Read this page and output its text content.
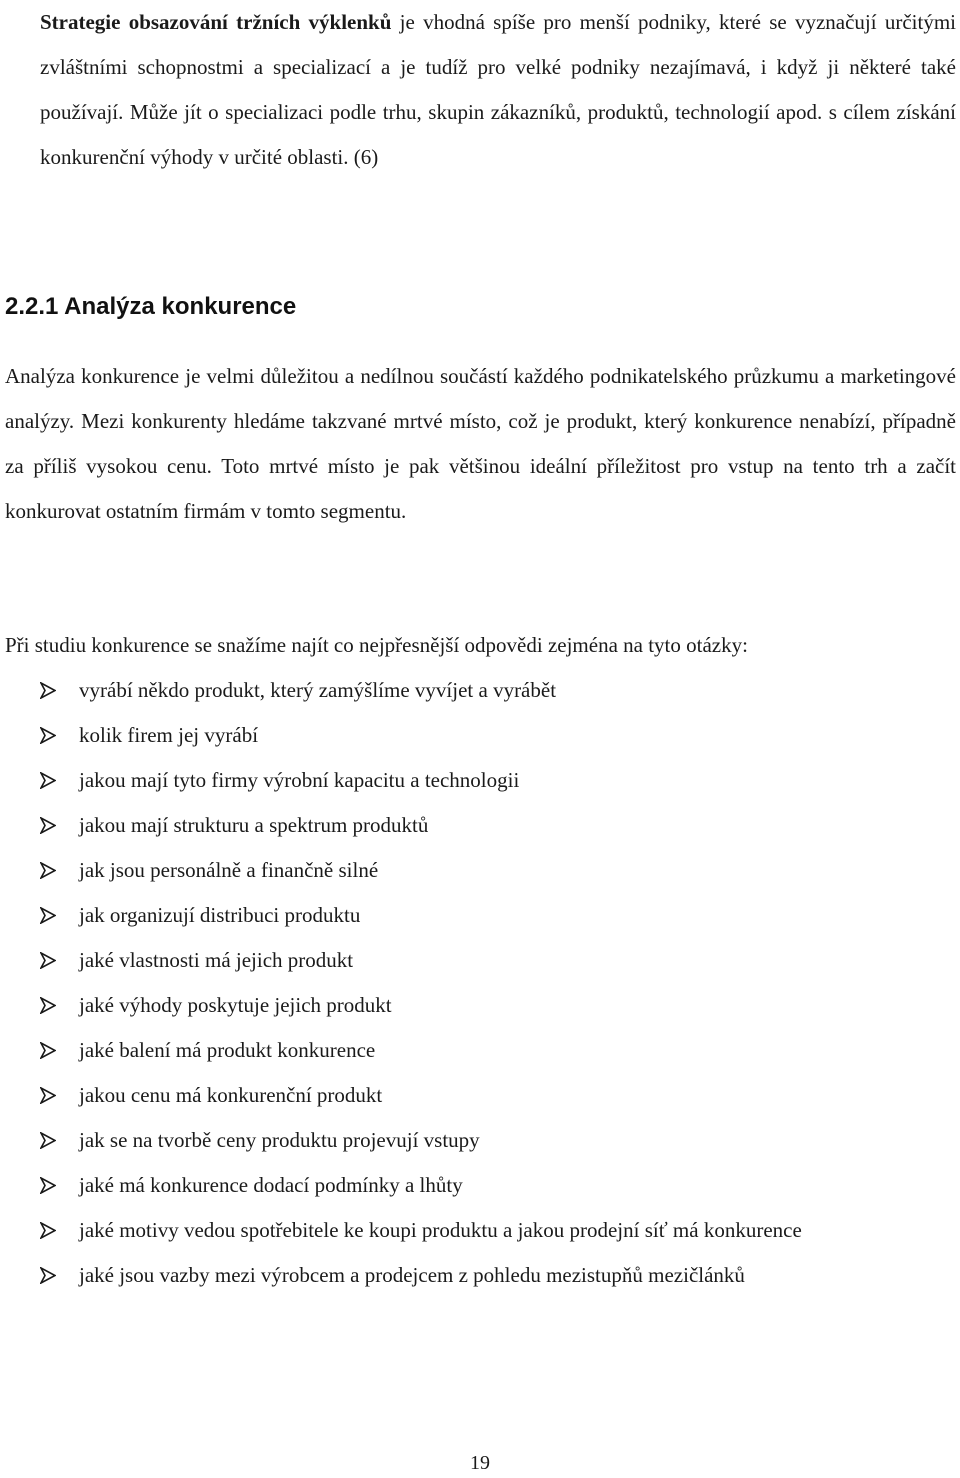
Strategie obsazování tržních výklenků je vhodná spíše pro menší podniky, které se vyznačují určitými zvláštními schopnostmi a specializací a je tudíž pro velké podniky nezajímavá, i když ji některé také používají. Může jít o specializaci podle trhu, skupin zákazníků, produktů, technologií apod. s cílem získání konkurenční výhody v určité oblasti. (6)

2.2.1 Analýza konkurence

Analýza konkurence je velmi důležitou a nedílnou součástí každého podnikatelského průzkumu a marketingové analýzy. Mezi konkurenty hledáme takzvané mrtvé místo, což je produkt, který konkurence nenabízí, případně za příliš vysokou cenu. Toto mrtvé místo je pak většinou ideální příležitost pro vstup na tento trh a začít konkurovat ostatním firmám v tomto segmentu.

Při studiu konkurence se snažíme najít co nejpřesnější odpovědi zejména na tyto otázky:

vyrábí někdo produkt, který zamýšlíme vyvíjet a vyrábět
kolik firem jej vyrábí
jakou mají tyto firmy výrobní kapacitu a technologii
jakou mají strukturu a spektrum produktů
jak jsou personálně a finančně silné
jak organizují distribuci produktu
jaké vlastnosti má jejich produkt
jaké výhody poskytuje jejich produkt
jaké balení má produkt konkurence
jakou cenu má konkurenční produkt
jak se na tvorbě ceny produktu projevují vstupy
jaké má konkurence dodací podmínky a lhůty
jaké motivy vedou spotřebitele ke koupi produktu a jakou prodejní síť má konkurence
jaké jsou vazby mezi výrobcem a prodejcem z pohledu mezistupňů mezičlánků
19
